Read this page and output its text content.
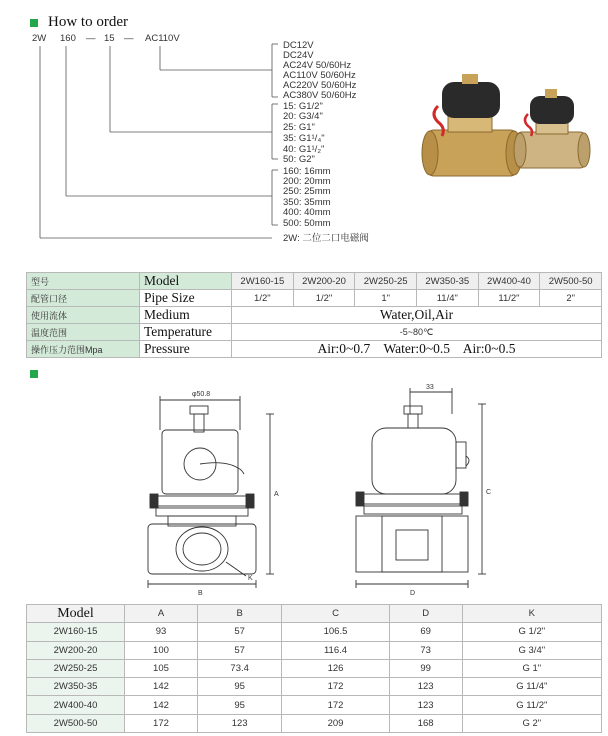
How to order
2W 160 — 15 — AC110V
DC12V
DC24V
AC24V 50/60Hz
AC110V 50/60Hz
AC220V 50/60Hz
AC380V 50/60Hz
15: G1/2"
20: G3/4"
25: G1"
35: G1¹/₄"
40: G1¹/₂"
50: G2"
160: 16mm
200: 20mm
250: 25mm
350: 35mm
400: 40mm
500: 50mm
2W: 二位二口电磁阀
型号	Model	2W160-15	2W200-20	2W250-25	2W350-35	2W400-40	2W500-50
配管口径	Pipe Size	1/2"	1/2"	1"	11/4"	11/2"	2"
使用流体	Medium	Water,Oil,Air					
温度范围	Temperature	-5~80℃					
操作压力范围Mpa	Pressure	Air:0~0.7    Water:0~0.5    Air:0~0.5					
φ50.8
A
B
K
33
C
D
Model	A	B	C	D	K
2W160-15	93	57	106.5	69	G 1/2"
2W200-20	100	57	116.4	73	G 3/4"
2W250-25	105	73.4	126	99	G 1"
2W350-35	142	95	172	123	G 11/4"
2W400-40	142	95	172	123	G 11/2"
2W500-50	172	123	209	168	G 2"
